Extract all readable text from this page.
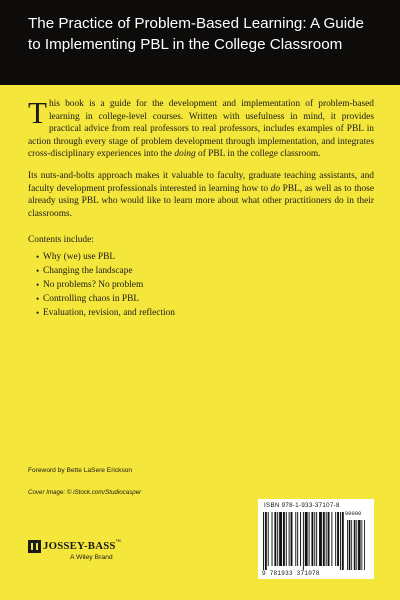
The Practice of Problem-Based Learning: A Guide
to Implementing PBL in the College Classroom

This book is a guide for the development and implementation of problem-based learning in college-level courses. Written with usefulness in mind, it provides practical advice from real professors to real professors, includes examples of PBL in action through every stage of problem development through implementation, and integrates cross-disciplinary experiences into the doing of PBL in the college classroom.

Its nuts-and-bolts approach makes it valuable to faculty, graduate teaching assistants, and faculty development professionals interested in learning how to do PBL, as well as to those already using PBL who would like to learn more about what other practitioners do in their classrooms.

Contents include:

• Why (we) use PBL
• Changing the landscape
• No problems? No problem
• Controlling chaos in PBL
• Evaluation, revision, and reflection
Foreword by Bette LaSere Erickson
Cover Image: © iStock.com/Studiocasper
JOSSEY-BASS™
A Wiley Brand
ISBN 978-1-933-37107-8
90000
9 781933 371078
